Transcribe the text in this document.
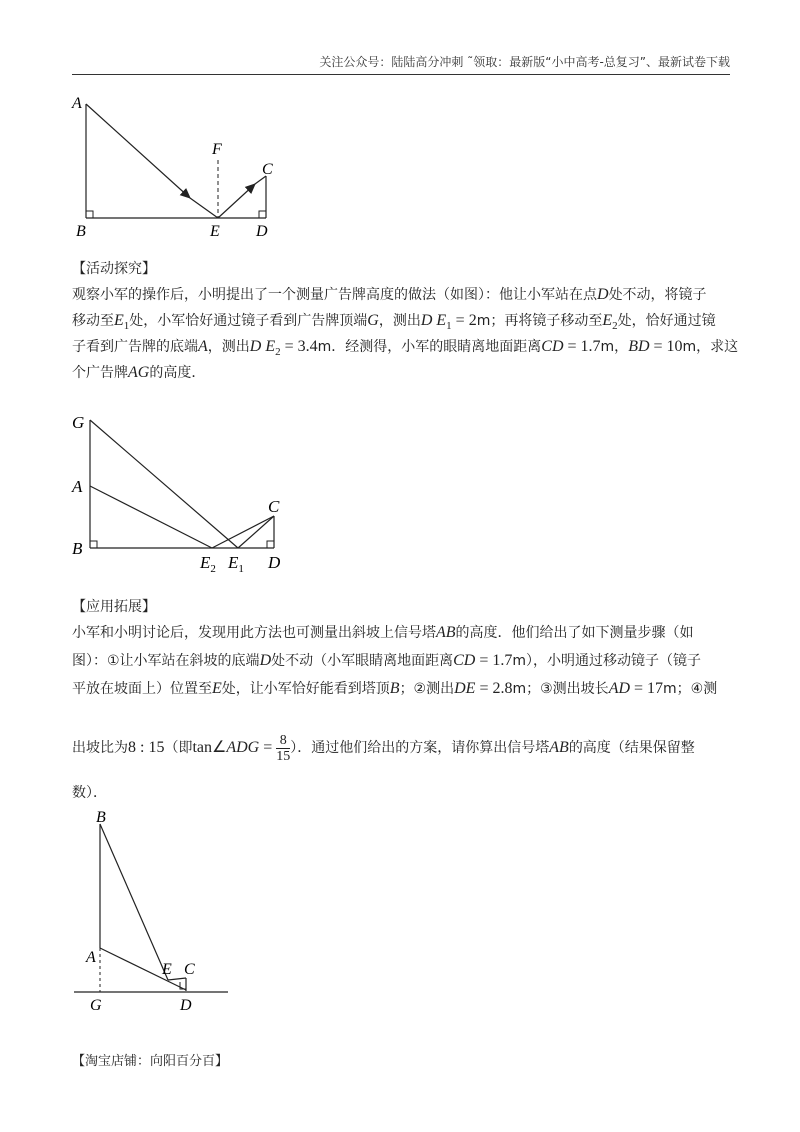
关注公众号：陆陆高分冲刺 ˜领取：最新版“小中高考-总复习”、最新试卷下载
A
B	E D
F
C
【活动探究】
观察小军的操作后，小明提出了一个测量广告牌高度的做法（如图）：他让小军站在点D处不动，将镜子
移动至$E_1$处，小军恰好通过镜子看到广告牌顶端G，测出D $E_1 = 2m$；再将镜子移动至$E_2$处，恰好通过镜
子看到广告牌的底端A，测出D $E_2 = 3.4m$．经测得，小军的眼睛离地面距离CD = 1.7m，BD = 10m，求这
个广告牌AG的高度．
G
A
B
C
$E_2$ $E_1$ D
【应用拓展】
小军和小明讨论后，发现用此方法也可测量出斜坡上信号塔AB的高度．他们给出了如下测量步骤（如
图）：①让小军站在斜坡的底端D处不动（小军眼睛离地面距离CD = 1.7m），小明通过移动镜子（镜子
平放在坡面上）位置至E处，让小军恰好能看到塔顶B；②测出DE = 2.8m；③测出坡长AD = 17m；④测
出坡比为8 : 15（即tan∠ADG = $\frac{8}{15}$ ）．通过他们给出的方案，请你算出信号塔AB的高度（结果保留整
数）．
B
A
E C
G	D
【淘宝店铺：向阳百分百】
